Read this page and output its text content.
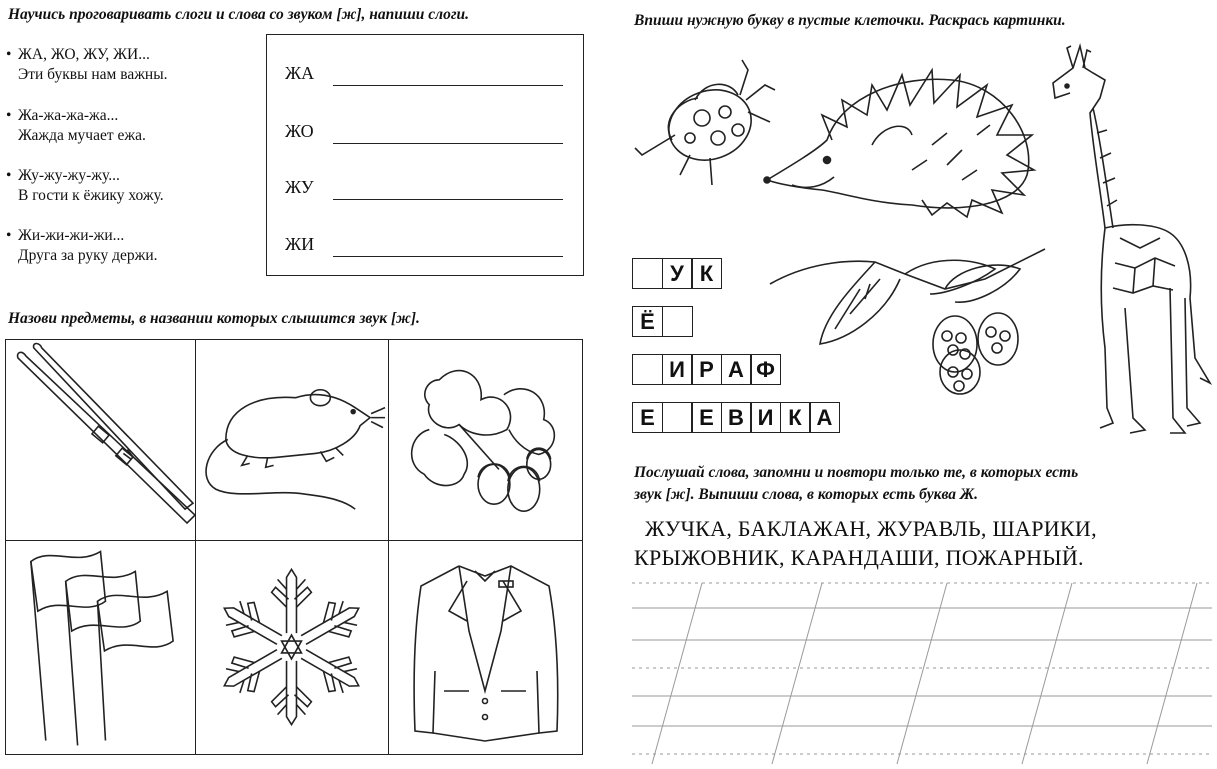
Научись проговаривать слоги и слова со звуком [ж], напиши слоги.
• ЖА, ЖО, ЖУ, ЖИ...
Эти буквы нам важны.
• Жа-жа-жа-жа...
Жажда мучает ежа.
• Жу-жу-жу-жу...
В гости к ёжику хожу.
• Жи-жи-жи-жи...
Друга за руку держи.
ЖА
ЖО
ЖУ
ЖИ
Назови предметы, в названии которых слышится звук [ж].
Впиши нужную букву в пустые клеточки. Раскрась картинки.
У К
Ё
И Р А Ф
Е	Е В И К А
Послушай слова, запомни и повтори только те, в которых есть
звук [ж]. Выпиши слова, в которых есть буква Ж.
ЖУЧКА, БАКЛАЖАН, ЖУРАВЛЬ, ШАРИКИ,
КРЫЖОВНИК, КАРАНДАШИ, ПОЖАРНЫЙ.
